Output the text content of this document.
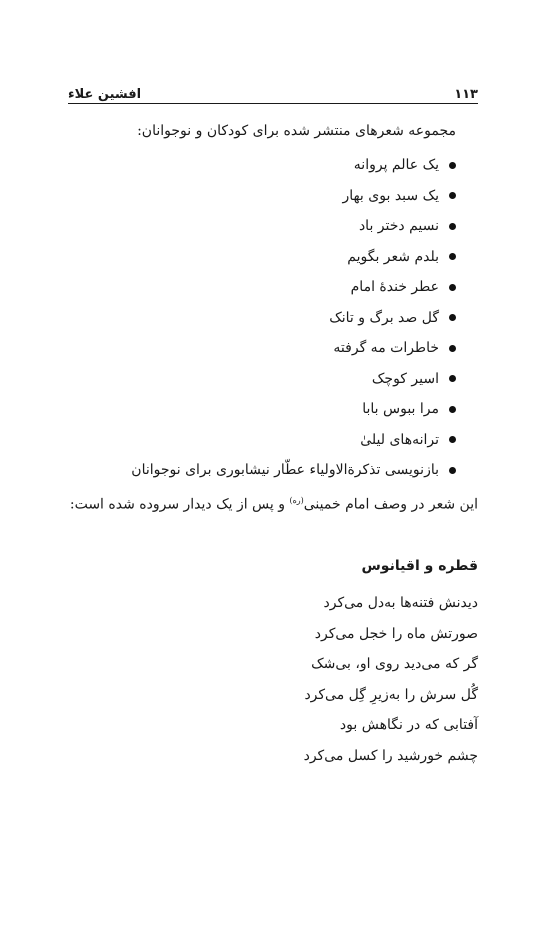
۱۱۳
افشین علاء
مجموعه شعرهای منتشر شده برای کودکان و نوجوانان:
یک عالم پروانه
یک سبد بوی بهار
نسیم دختر باد
بلدم شعر بگویم
عطر خندهٔ امام
گل صد برگ و تانک
خاطرات مه گرفته
اسیر کوچک
مرا ببوس بابا
ترانه‌های لیلیٰ
بازنویسی تذکرةالاولیاء عطّار نیشابوری برای نوجوانان

این شعر در وصف امام خمینی$^{(ره)}$ و پس از یک دیدار سروده شده است:

قطره و اقیانوس
دیدنش فتنه‌ها به‌دل می‌کرد
صورتش ماه را خجل می‌کرد
گر که می‌دید روی او، بی‌شک
گُل سرش را به‌زیرِ گِل می‌کرد
آفتابی که در نگاهش بود
چشم خورشید را کسل می‌کرد
